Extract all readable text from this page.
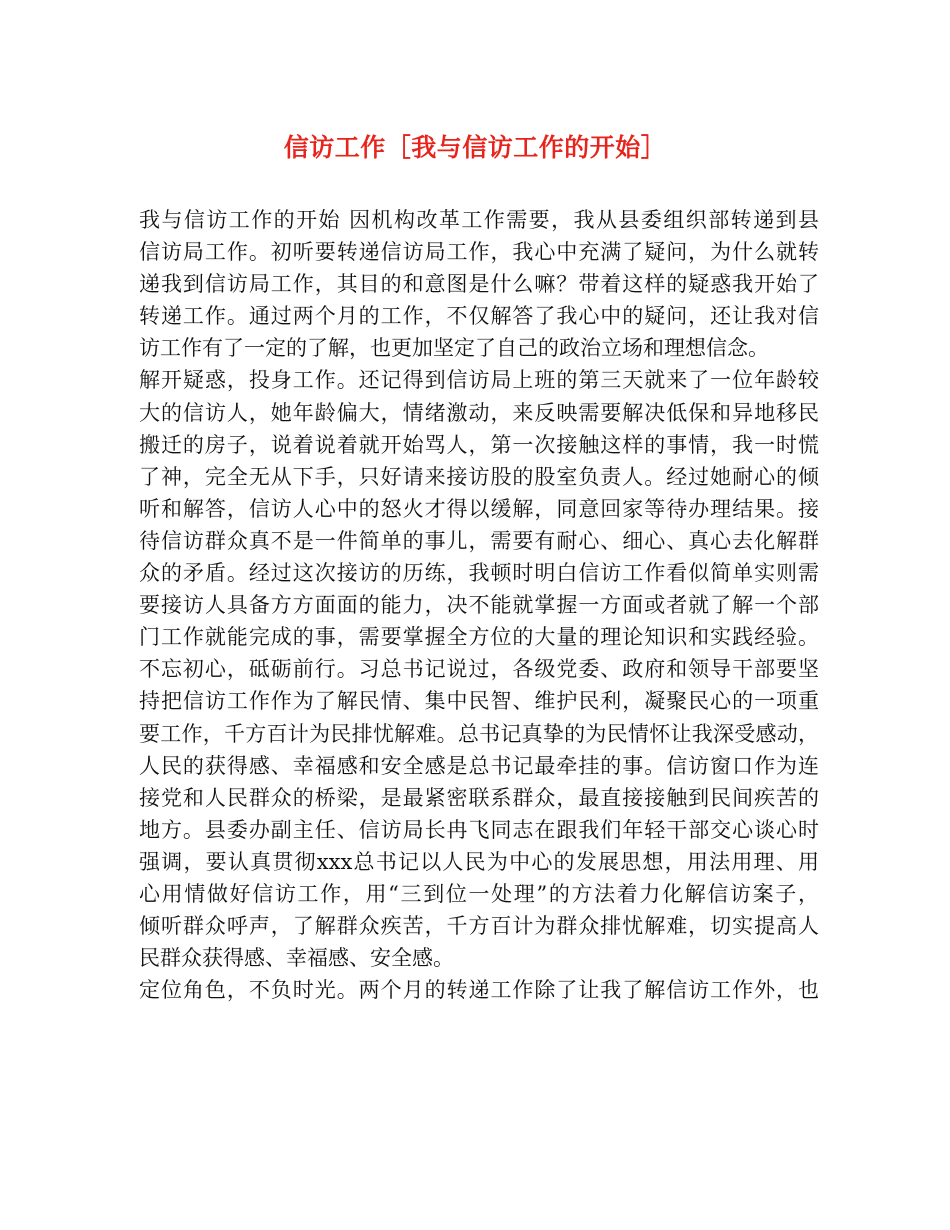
信访工作［我与信访工作的开始］
我与信访工作的开始 因机构改革工作需要，我从县委组织部转递到县
信访局工作。初听要转递信访局工作，我心中充满了疑问，为什么就转
递我到信访局工作，其目的和意图是什么嘛？带着这样的疑惑我开始了
转递工作。通过两个月的工作，不仅解答了我心中的疑问，还让我对信
访工作有了一定的了解，也更加坚定了自己的政治立场和理想信念。
解开疑惑，投身工作。还记得到信访局上班的第三天就来了一位年龄较
大的信访人，她年龄偏大，情绪激动，来反映需要解决低保和异地移民
搬迁的房子，说着说着就开始骂人，第一次接触这样的事情，我一时慌
了神，完全无从下手，只好请来接访股的股室负责人。经过她耐心的倾
听和解答，信访人心中的怒火才得以缓解，同意回家等待办理结果。接
待信访群众真不是一件简单的事儿，需要有耐心、细心、真心去化解群
众的矛盾。经过这次接访的历练，我顿时明白信访工作看似简单实则需
要接访人具备方方面面的能力，决不能就掌握一方面或者就了解一个部
门工作就能完成的事，需要掌握全方位的大量的理论知识和实践经验。
不忘初心，砥砺前行。习总书记说过，各级党委、政府和领导干部要坚
持把信访工作作为了解民情、集中民智、维护民利，凝聚民心的一项重
要工作，千方百计为民排忧解难。总书记真挚的为民情怀让我深受感动，
人民的获得感、幸福感和安全感是总书记最牵挂的事。信访窗口作为连
接党和人民群众的桥梁，是最紧密联系群众，最直接接触到民间疾苦的
地方。县委办副主任、信访局长冉飞同志在跟我们年轻干部交心谈心时
强调，要认真贯彻xxx总书记以人民为中心的发展思想，用法用理、用
心用情做好信访工作，用“三到位一处理”的方法着力化解信访案子，
倾听群众呼声，了解群众疾苦，千方百计为群众排忧解难，切实提高人
民群众获得感、幸福感、安全感。
定位角色，不负时光。两个月的转递工作除了让我了解信访工作外，也
